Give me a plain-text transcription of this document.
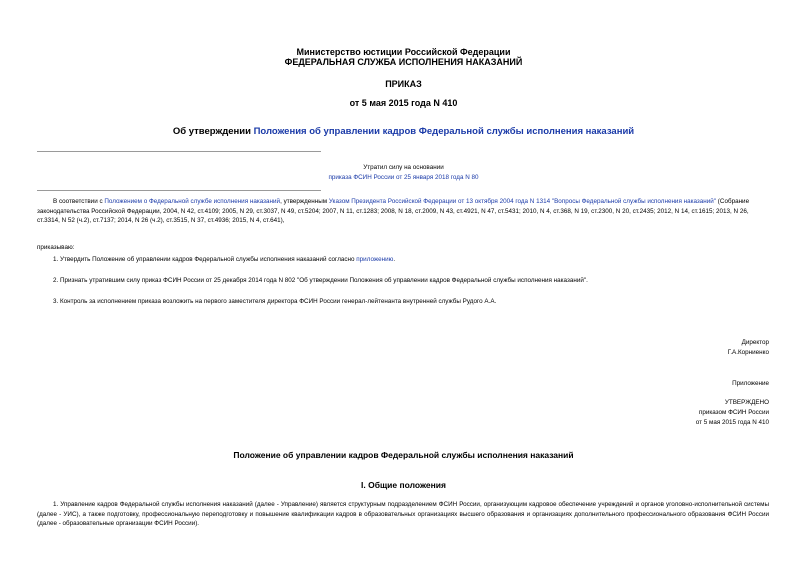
Министерство юстиции Российской Федерации
ФЕДЕРАЛЬНАЯ СЛУЖБА ИСПОЛНЕНИЯ НАКАЗАНИЙ
ПРИКАЗ
от 5 мая 2015 года N 410
Об утверждении Положения об управлении кадров Федеральной службы исполнения наказаний
Утратил силу на основании
приказа ФСИН России от 25 января 2018 года N 80
В соответствии с Положением о Федеральной службе исполнения наказаний, утвержденным Указом Президента Российской Федерации от 13 октября 2004 года N 1314 "Вопросы Федеральной службы исполнения наказаний" (Собрание законодательства Российской Федерации, 2004, N 42, ст.4109; 2005, N 29, ст.3037, N 49, ст.5204; 2007, N 11, ст.1283; 2008, N 18, ст.2009, N 43, ст.4921, N 47, ст.5431; 2010, N 4, ст.368, N 19, ст.2300, N 20, ст.2435; 2012, N 14, ст.1615; 2013, N 26, ст.3314, N 52 (ч.2), ст.7137; 2014, N 26 (ч.2), ст.3515, N 37, ст.4936; 2015, N 4, ст.641),
приказываю:
1. Утвердить Положение об управлении кадров Федеральной службы исполнения наказаний согласно приложению.
2. Признать утратившим силу приказ ФСИН России от 25 декабря 2014 года N 802 "Об утверждении Положения об управлении кадров Федеральной службы исполнения наказаний".
3. Контроль за исполнением приказа возложить на первого заместителя директора ФСИН России генерал-лейтенанта внутренней службы Рудого А.А.
Директор
Г.А.Корниенко
Приложение
УТВЕРЖДЕНО
приказом ФСИН России
от 5 мая 2015 года N 410
Положение об управлении кадров Федеральной службы исполнения наказаний
I. Общие положения
1. Управление кадров Федеральной службы исполнения наказаний (далее - Управление) является структурным подразделением ФСИН России, организующим кадровое обеспечение учреждений и органов уголовно-исполнительной системы (далее - УИС), а также подготовку, профессиональную переподготовку и повышение квалификации кадров в образовательных организациях высшего образования и организациях дополнительного профессионального образования ФСИН России (далее - образовательные организации ФСИН России).
